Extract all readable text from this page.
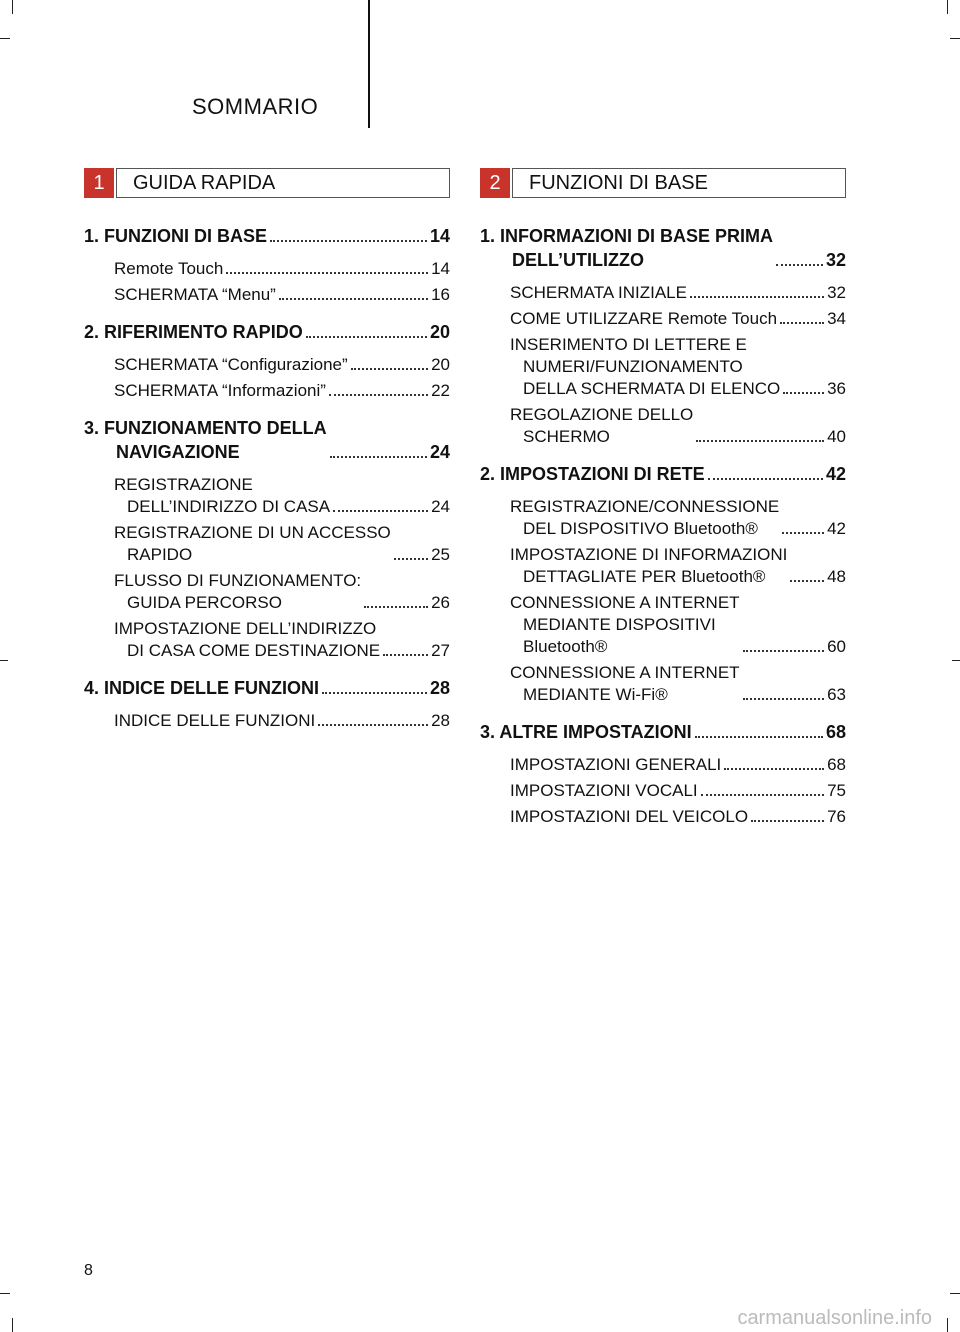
SOMMARIO
1	GUIDA RAPIDA	2	FUNZIONI DI BASE
1. FUNZIONI DI BASE	14
Remote Touch	14
SCHERMATA “Menu”	16
2. RIFERIMENTO RAPIDO	20
SCHERMATA “Configurazione”	20
SCHERMATA “Informazioni”	22
3. FUNZIONAMENTO DELLA
NAVIGAZIONE	24
REGISTRAZIONE
DELL’INDIRIZZO DI CASA	24
REGISTRAZIONE DI UN ACCESSO
RAPIDO	25
FLUSSO DI FUNZIONAMENTO:
GUIDA PERCORSO	26
IMPOSTAZIONE DELL’INDIRIZZO
DI CASA COME DESTINAZIONE	27
4. INDICE DELLE FUNZIONI	28
INDICE DELLE FUNZIONI	28
1. INFORMAZIONI DI BASE PRIMA
DELL’UTILIZZO	32
SCHERMATA INIZIALE	32
COME UTILIZZARE Remote Touch	34
INSERIMENTO DI LETTERE E
NUMERI/FUNZIONAMENTO
DELLA SCHERMATA DI ELENCO	36
REGOLAZIONE DELLO
SCHERMO	40
2. IMPOSTAZIONI DI RETE	42
REGISTRAZIONE/CONNESSIONE
DEL DISPOSITIVO Bluetooth®	42
IMPOSTAZIONE DI INFORMAZIONI
DETTAGLIATE PER Bluetooth®	48
CONNESSIONE A INTERNET
MEDIANTE DISPOSITIVI
Bluetooth®	60
CONNESSIONE A INTERNET
MEDIANTE Wi-Fi®	63
3. ALTRE IMPOSTAZIONI	68
IMPOSTAZIONI GENERALI	68
IMPOSTAZIONI VOCALI	75
IMPOSTAZIONI DEL VEICOLO	76
8
carmanualsonline.info
